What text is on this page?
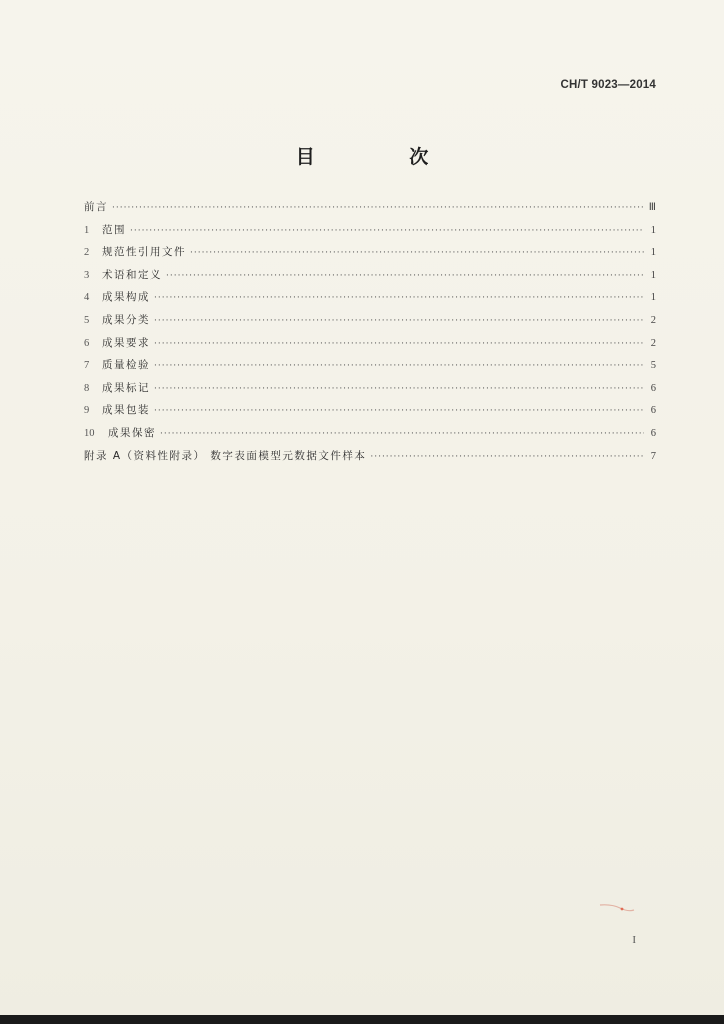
CH/T 9023—2014
目 次
前言 ·····	Ⅲ
1	范围 ·····	1
2	规范性引用文件 ·····	1
3	术语和定义 ·····	1
4	成果构成 ·····	1
5	成果分类 ·····	2
6	成果要求 ·····	2
7	质量检验 ·····	5
8	成果标记 ·····	6
9	成果包装 ·····	6
10	成果保密 ·····	6
附录 A（资料性附录） 数字表面模型元数据文件样本 ·····	7
I
